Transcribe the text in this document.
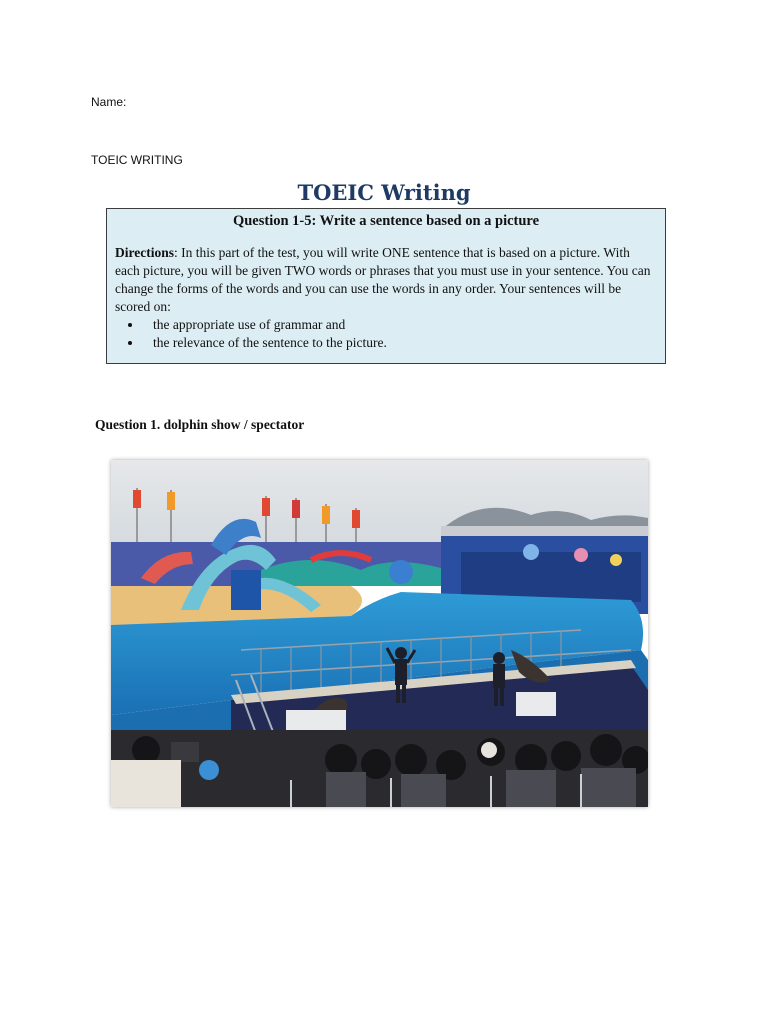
Name:
TOEIC WRITING
TOEIC Writing
Question 1-5: Write a sentence based on a picture
Directions: In this part of the test, you will write ONE sentence that is based on a picture. With each picture, you will be given TWO words or phrases that you must use in your sentence. You can change the forms of the words and you can use the words in any order. Your sentences will be scored on:
• the appropriate use of grammar and
• the relevance of the sentence to the picture.
Question 1. dolphin show / spectator
